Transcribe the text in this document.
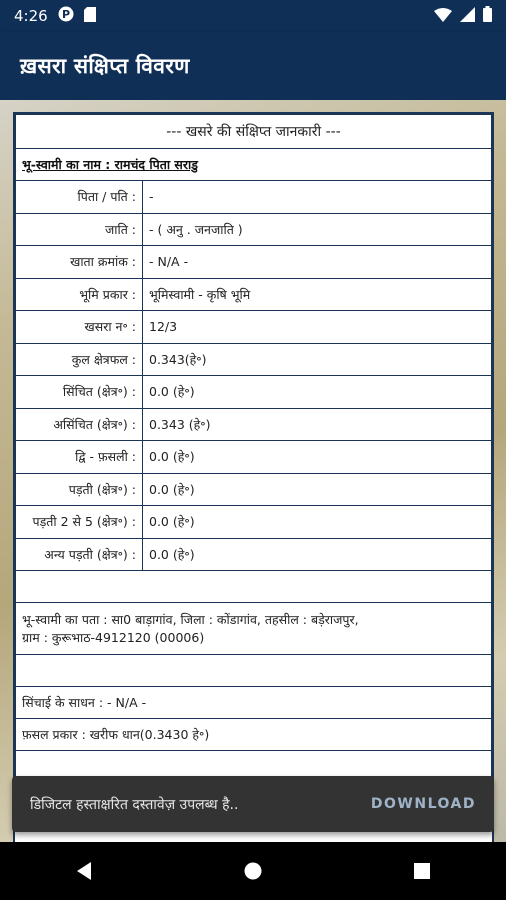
4:26 P
ख़सरा संक्षिप्त विवरण
--- खसरे की संक्षिप्त जानकारी ---	
भू-स्वामी का नाम : रामचंद पिता सराडु	
पिता / पति :	-
जाति :	- ( अनु . जनजाति )
खाता क्रमांक :	- N/A -
भूमि प्रकार :	भूमिस्वामी - कृषि भूमि
खसरा न॰ :	12/3
कुल क्षेत्रफल :	0.343(हे॰)
सिंचित (क्षेत्र॰) :	0.0 (हे॰)
असिंचित (क्षेत्र॰) :	0.343 (हे॰)
द्वि - फ़सली :	0.0 (हे॰)
पड़ती (क्षेत्र॰) :	0.0 (हे॰)
पड़ती 2 से 5 (क्षेत्र॰) :	0.0 (हे॰)
अन्य पड़ती (क्षेत्र॰) :	0.0 (हे॰)

भू-स्वामी का पता : सा0 बाड़ागांव, जिला : कोंडागांव, तहसील : बड़ेराजपुर,
ग्राम : कुरूभाठ-4912120 (00006)	

सिंचाई के साधन : - N/A -	
फ़सल प्रकार : खरीफ धान(0.3430 हे॰)	

डिजिटल हस्ताक्षरित दस्तावेज़ उपलब्ध है..	DOWNLOAD
